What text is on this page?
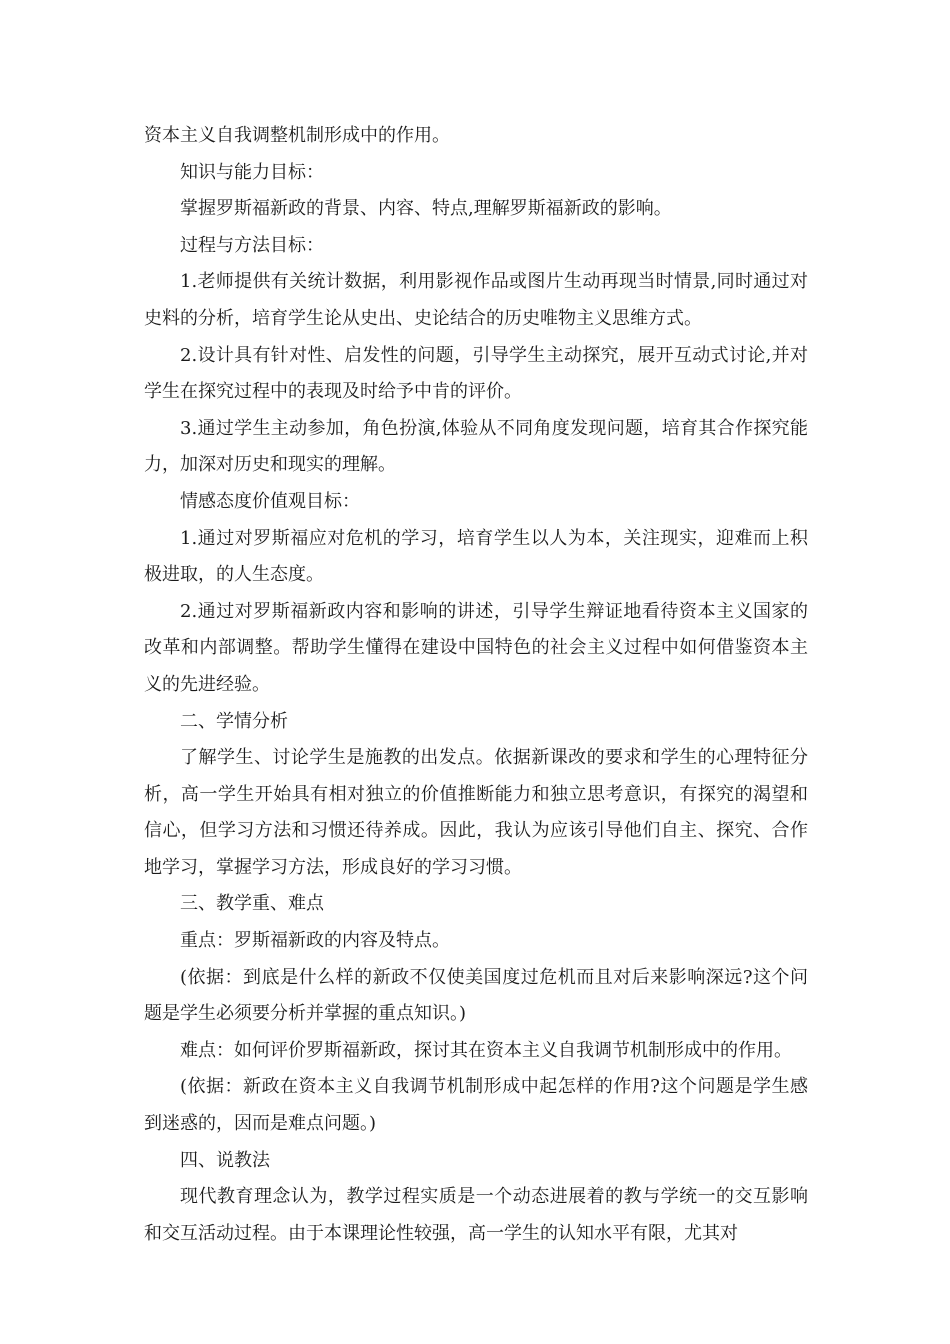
资本主义自我调整机制形成中的作用。

知识与能力目标：

掌握罗斯福新政的背景、内容、特点,理解罗斯福新政的影响。

过程与方法目标：

1.老师提供有关统计数据，利用影视作品或图片生动再现当时情景,同时通过对史料的分析，培育学生论从史出、史论结合的历史唯物主义思维方式。

2.设计具有针对性、启发性的问题，引导学生主动探究，展开互动式讨论,并对学生在探究过程中的表现及时给予中肯的评价。

3.通过学生主动参加，角色扮演,体验从不同角度发现问题，培育其合作探究能力，加深对历史和现实的理解。

情感态度价值观目标：

1.通过对罗斯福应对危机的学习，培育学生以人为本，关注现实，迎难而上积极进取，的人生态度。

2.通过对罗斯福新政内容和影响的讲述，引导学生辩证地看待资本主义国家的改革和内部调整。帮助学生懂得在建设中国特色的社会主义过程中如何借鉴资本主义的先进经验。

二、学情分析

了解学生、讨论学生是施教的出发点。依据新课改的要求和学生的心理特征分析，高一学生开始具有相对独立的价值推断能力和独立思考意识，有探究的渴望和信心，但学习方法和习惯还待养成。因此，我认为应该引导他们自主、探究、合作地学习，掌握学习方法，形成良好的学习习惯。

三、教学重、难点

重点：罗斯福新政的内容及特点。

(依据：到底是什么样的新政不仅使美国度过危机而且对后来影响深远?这个问题是学生必须要分析并掌握的重点知识。)

难点：如何评价罗斯福新政，探讨其在资本主义自我调节机制形成中的作用。

(依据：新政在资本主义自我调节机制形成中起怎样的作用?这个问题是学生感到迷惑的，因而是难点问题。)

四、说教法

现代教育理念认为，教学过程实质是一个动态进展着的教与学统一的交互影响和交互活动过程。由于本课理论性较强，高一学生的认知水平有限，尤其对
